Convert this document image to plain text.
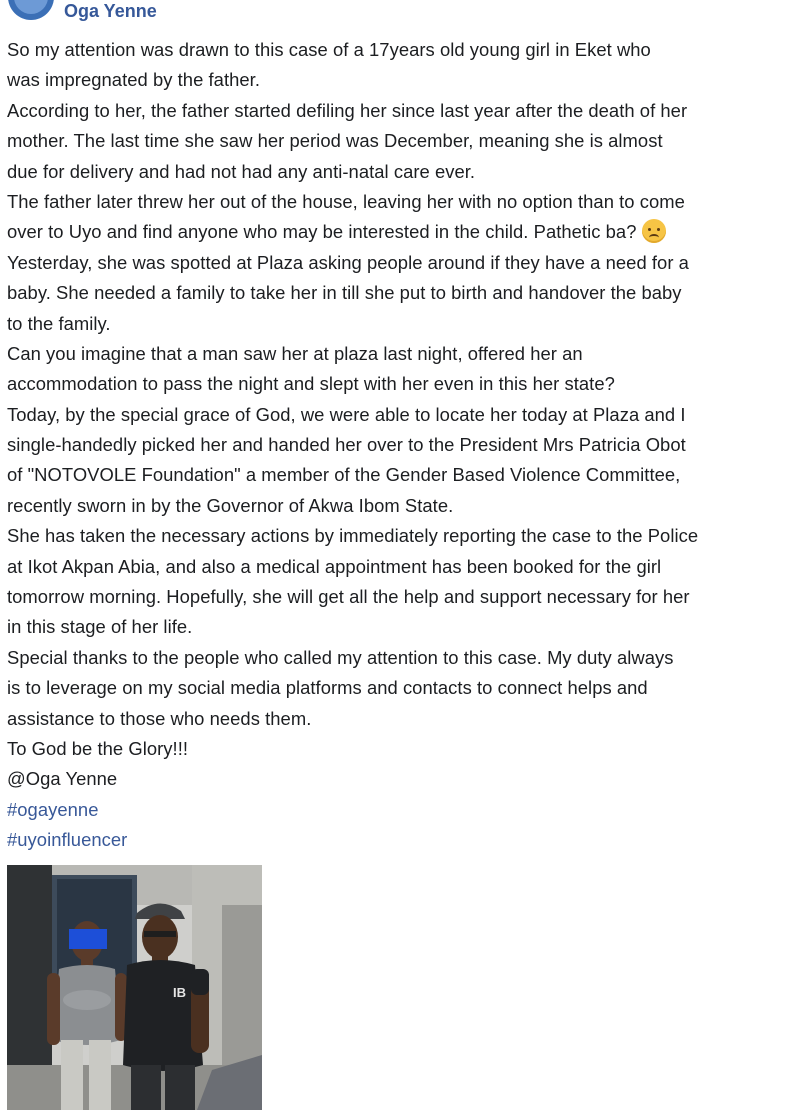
Oga Yenne
So my attention was drawn to this case of a 17years old young girl in Eket who
was impregnated by the father.
According to her, the father started defiling her since last year after the death of her
mother. The last time she saw her period was December, meaning she is almost
due for delivery and had not had any anti-natal care ever.
The father later threw her out of the house, leaving her with no option than to come
over to Uyo and find anyone who may be interested in the child. Pathetic ba?
Yesterday, she was spotted at Plaza asking people around if they have a need for a
baby. She needed a family to take her in till she put to birth and handover the baby
to the family.
Can you imagine that a man saw her at plaza last night, offered her an
accommodation to pass the night and slept with her even in this her state?
Today, by the special grace of God, we were able to locate her today at Plaza and I
single-handedly picked her and handed her over to the President Mrs Patricia Obot
of "NOTOVOLE Foundation" a member of the Gender Based Violence Committee,
recently sworn in by the Governor of Akwa Ibom State.
She has taken the necessary actions by immediately reporting the case to the Police
at Ikot Akpan Abia, and also a medical appointment has been booked for the girl
tomorrow morning. Hopefully, she will get all the help and support necessary for her
in this stage of her life.
Special thanks to the people who called my attention to this case. My duty always
is to leverage on my social media platforms and contacts to connect helps and
assistance to those who needs them.
To God be the Glory!!!
@Oga Yenne
#ogayenne
#uyoinfluencer
IB
